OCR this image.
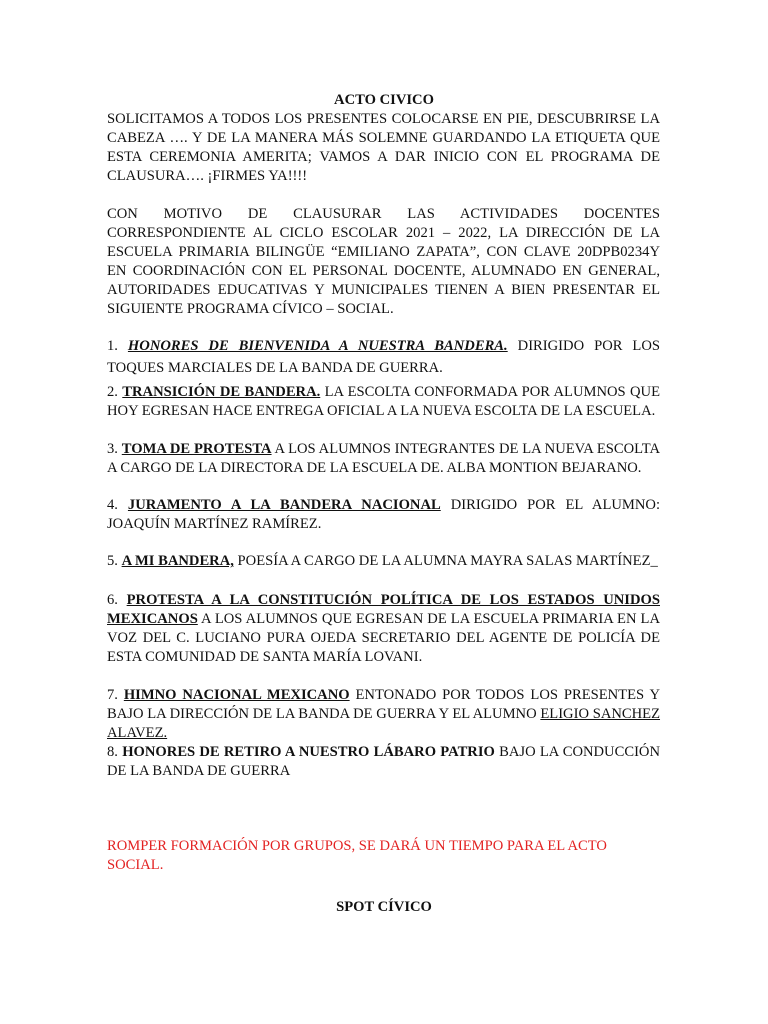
ACTO CIVICO
SOLICITAMOS A TODOS LOS PRESENTES COLOCARSE EN PIE, DESCUBRIRSE LA CABEZA …. Y DE LA MANERA MÁS SOLEMNE GUARDANDO LA ETIQUETA QUE ESTA CEREMONIA AMERITA; VAMOS A DAR INICIO CON EL PROGRAMA DE CLAUSURA…. ¡FIRMES YA!!!!
CON MOTIVO DE CLAUSURAR LAS ACTIVIDADES DOCENTES CORRESPONDIENTE AL CICLO ESCOLAR 2021 – 2022, LA DIRECCIÓN DE LA ESCUELA PRIMARIA BILINGÜE “EMILIANO ZAPATA”, CON CLAVE 20DPB0234Y EN COORDINACIÓN CON EL PERSONAL DOCENTE, ALUMNADO EN GENERAL, AUTORIDADES EDUCATIVAS Y MUNICIPALES TIENEN A BIEN PRESENTAR EL SIGUIENTE PROGRAMA CÍVICO – SOCIAL.
1. HONORES DE BIENVENIDA A NUESTRA BANDERA. DIRIGIDO POR LOS TOQUES MARCIALES DE LA BANDA DE GUERRA.
2. TRANSICIÓN DE BANDERA. LA ESCOLTA CONFORMADA POR ALUMNOS QUE HOY EGRESAN HACE ENTREGA OFICIAL A LA NUEVA ESCOLTA DE LA ESCUELA.
3. TOMA DE PROTESTA A LOS ALUMNOS INTEGRANTES DE LA NUEVA ESCOLTA A CARGO DE LA DIRECTORA DE LA ESCUELA DE. ALBA MONTION BEJARANO.
4. JURAMENTO A LA BANDERA NACIONAL DIRIGIDO POR EL ALUMNO: JOAQUÍN MARTÍNEZ RAMÍREZ.
5. A MI BANDERA, POESÍA A CARGO DE LA ALUMNA MAYRA SALAS MARTÍNEZ_
6. PROTESTA A LA CONSTITUCIÓN POLÍTICA DE LOS ESTADOS UNIDOS MEXICANOS A LOS ALUMNOS QUE EGRESAN DE LA ESCUELA PRIMARIA EN LA VOZ DEL C. LUCIANO PURA OJEDA SECRETARIO DEL AGENTE DE POLICÍA DE ESTA COMUNIDAD DE SANTA MARÍA LOVANI.
7. HIMNO NACIONAL MEXICANO ENTONADO POR TODOS LOS PRESENTES Y BAJO LA DIRECCIÓN DE LA BANDA DE GUERRA Y EL ALUMNO ELIGIO SANCHEZ ALAVEZ.
8. HONORES DE RETIRO A NUESTRO LÁBARO PATRIO BAJO LA CONDUCCIÓN DE LA BANDA DE GUERRA
ROMPER FORMACIÓN POR GRUPOS, SE DARÁ UN TIEMPO PARA EL ACTO SOCIAL.
SPOT CÍVICO
